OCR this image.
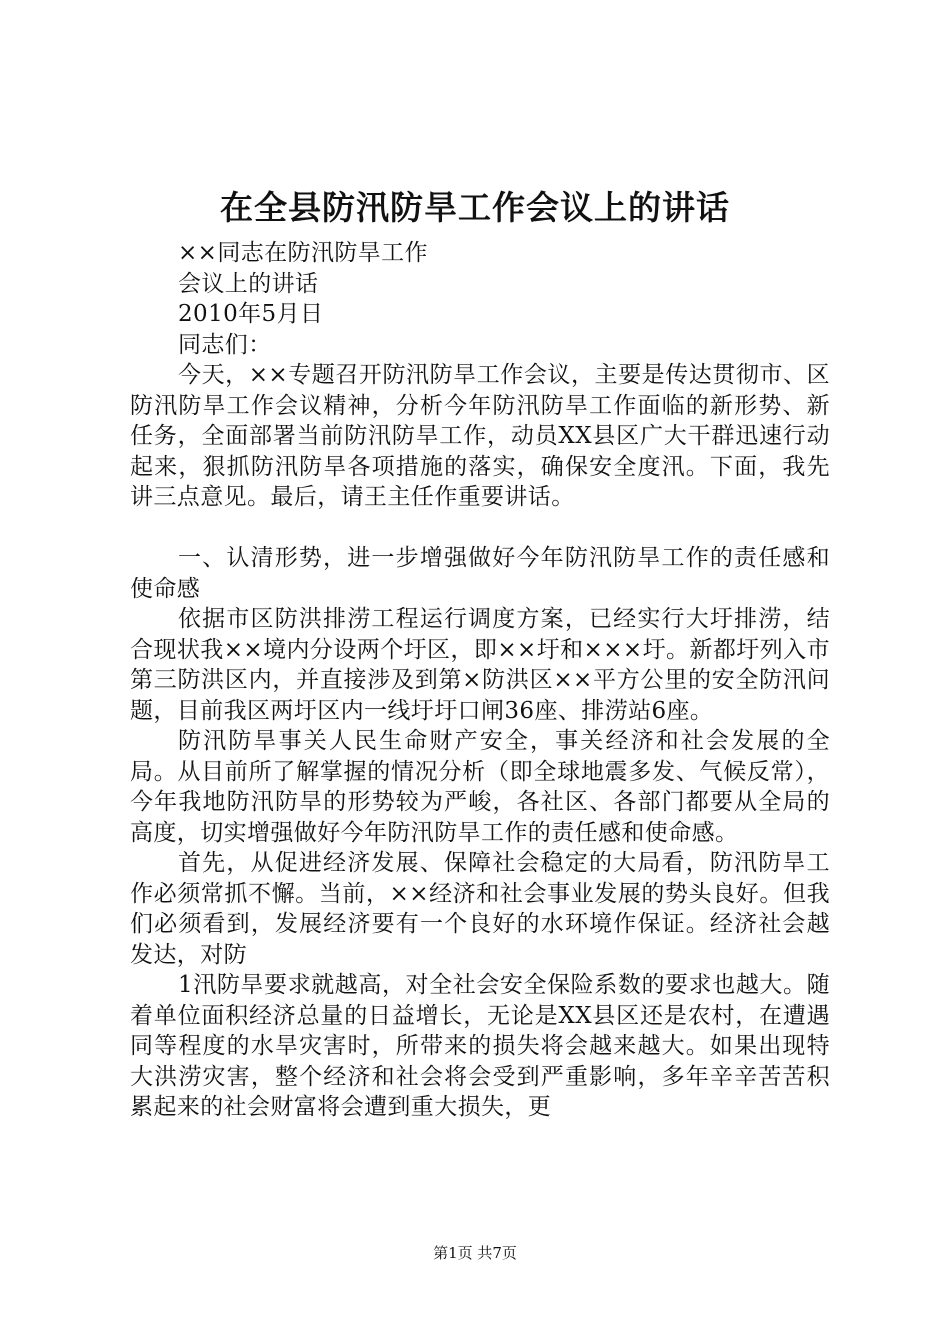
在全县防汛防旱工作会议上的讲话

××同志在防汛防旱工作

会议上的讲话

2010年5月日

同志们：

今天，××专题召开防汛防旱工作会议，主要是传达贯彻市、区防汛防旱工作会议精神，分析今年防汛防旱工作面临的新形势、新任务，全面部署当前防汛防旱工作，动员XX县区广大干群迅速行动起来，狠抓防汛防旱各项措施的落实，确保安全度汛。下面，我先讲三点意见。最后，请王主任作重要讲话。

一、认清形势，进一步增强做好今年防汛防旱工作的责任感和使命感

依据市区防洪排涝工程运行调度方案，已经实行大圩排涝，结合现状我××境内分设两个圩区，即××圩和×××圩。新都圩列入市第三防洪区内，并直接涉及到第×防洪区××平方公里的安全防汛问题，目前我区两圩区内一线圩圩口闸36座、排涝站6座。

防汛防旱事关人民生命财产安全，事关经济和社会发展的全局。从目前所了解掌握的情况分析（即全球地震多发、气候反常），今年我地防汛防旱的形势较为严峻，各社区、各部门都要从全局的高度，切实增强做好今年防汛防旱工作的责任感和使命感。

首先，从促进经济发展、保障社会稳定的大局看，防汛防旱工作必须常抓不懈。当前，××经济和社会事业发展的势头良好。但我们必须看到，发展经济要有一个良好的水环境作保证。经济社会越发达，对防

1汛防旱要求就越高，对全社会安全保险系数的要求也越大。随着单位面积经济总量的日益增长，无论是XX县区还是农村，在遭遇同等程度的水旱灾害时，所带来的损失将会越来越大。如果出现特大洪涝灾害，整个经济和社会将会受到严重影响，多年辛辛苦苦积累起来的社会财富将会遭到重大损失，更

第1页 共7页
